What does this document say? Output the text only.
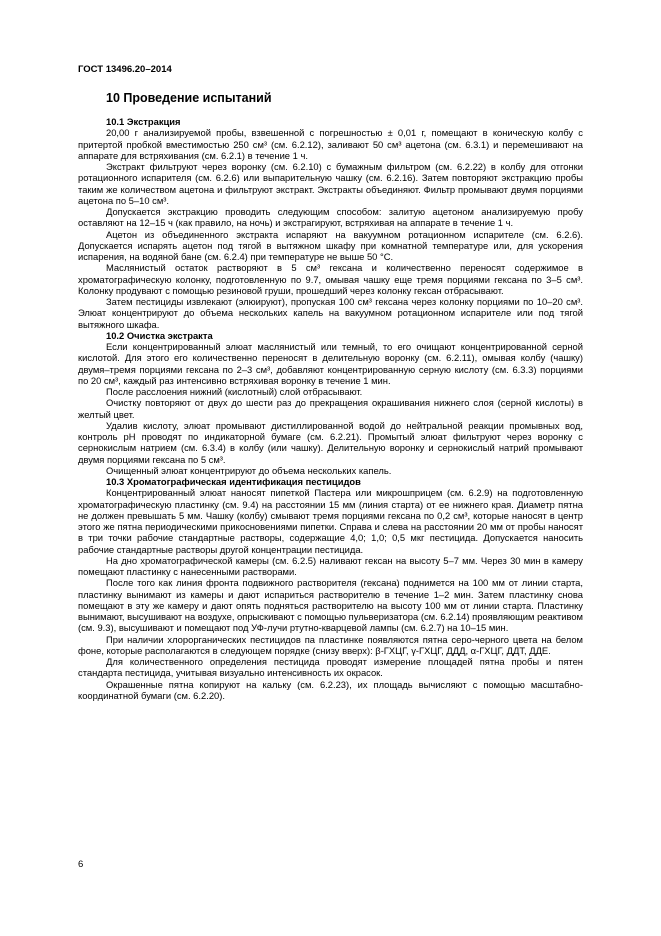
ГОСТ 13496.20–2014
10 Проведение испытаний
10.1 Экстракция

20,00 г анализируемой пробы, взвешенной с погрешностью ± 0,01 г, помещают в коническую колбу с притертой пробкой вместимостью 250 см³ (см. 6.2.12), заливают 50 см³ ацетона (см. 6.3.1) и перемешивают на аппарате для встряхивания (см. 6.2.1) в течение 1 ч.

Экстракт фильтруют через воронку (см. 6.2.10) с бумажным фильтром (см. 6.2.22) в колбу для отгонки ротационного испарителя (см. 6.2.6) или выпарительную чашку (см. 6.2.16). Затем повторяют экстракцию пробы таким же количеством ацетона и фильтруют экстракт. Экстракты объединяют. Фильтр промывают двумя порциями ацетона по 5–10 см³.

Допускается экстракцию проводить следующим способом: залитую ацетоном анализируемую пробу оставляют на 12–15 ч (как правило, на ночь) и экстрагируют, встряхивая на аппарате в течение 1 ч.

Ацетон из объединенного экстракта испаряют на вакуумном ротационном испарителе (см. 6.2.6). Допускается испарять ацетон под тягой в вытяжном шкафу при комнатной температуре или, для ускорения испарения, на водяной бане (см. 6.2.4) при температуре не выше 50 °С.

Маслянистый остаток растворяют в 5 см³ гексана и количественно переносят содержимое в хроматографическую колонку, подготовленную по 9.7, омывая чашку еще тремя порциями гексана по 3–5 см³. Колонку продувают с помощью резиновой груши, прошедший через колонку гексан отбрасывают.

Затем пестициды извлекают (элюируют), пропуская 100 см³ гексана через колонку порциями по 10–20 см³. Элюат концентрируют до объема нескольких капель на вакуумном ротационном испарителе или под тягой вытяжного шкафа.

10.2 Очистка экстракта

Если концентрированный элюат маслянистый или темный, то его очищают концентрированной серной кислотой. Для этого его количественно переносят в делительную воронку (см. 6.2.11), омывая колбу (чашку) двумя–тремя порциями гексана по 2–3 см³, добавляют концентрированную серную кислоту (см. 6.3.3) порциями по 20 см³, каждый раз интенсивно встряхивая воронку в течение 1 мин.

После расслоения нижний (кислотный) слой отбрасывают.

Очистку повторяют от двух до шести раз до прекращения окрашивания нижнего слоя (серной кислоты) в желтый цвет.

Удалив кислоту, элюат промывают дистиллированной водой до нейтральной реакции промывных вод, контроль рН проводят по индикаторной бумаге (см. 6.2.21). Промытый элюат фильтруют через воронку с сернокислым натрием (см. 6.3.4) в колбу (или чашку). Делительную воронку и сернокислый натрий промывают двумя порциями гексана по 5 см³.

Очищенный элюат концентрируют до объема нескольких капель.

10.3 Хроматографическая идентификация пестицидов

Концентрированный элюат наносят пипеткой Пастера или микрошприцем (см. 6.2.9) на подготовленную хроматографическую пластинку (см. 9.4) на расстоянии 15 мм (линия старта) от ее нижнего края. Диаметр пятна не должен превышать 5 мм. Чашку (колбу) смывают тремя порциями гексана по 0,2 см³, которые наносят в центр этого же пятна периодическими прикосновениями пипетки. Справа и слева на расстоянии 20 мм от пробы наносят в три точки рабочие стандартные растворы, содержащие 4,0; 1,0; 0,5 мкг пестицида. Допускается наносить рабочие стандартные растворы другой концентрации пестицида.

На дно хроматографической камеры (см. 6.2.5) наливают гексан на высоту 5–7 мм. Через 30 мин в камеру помещают пластинку с нанесенными растворами.

После того как линия фронта подвижного растворителя (гексана) поднимется на 100 мм от линии старта, пластинку вынимают из камеры и дают испариться растворителю в течение 1–2 мин. Затем пластинку снова помещают в эту же камеру и дают опять подняться растворителю на высоту 100 мм от линии старта. Пластинку вынимают, высушивают на воздухе, опрыскивают с помощью пульверизатора (см. 6.2.14) проявляющим реактивом (см. 9.3), высушивают и помещают под УФ-лучи ртутно-кварцевой лампы (см. 6.2.7) на 10–15 мин.

При наличии хлорорганических пестицидов па пластинке появляются пятна серо-черного цвета на белом фоне, которые располагаются в следующем порядке (снизу вверх): β-ГХЦГ, γ-ГХЦГ, ДДД, α-ГХЦГ, ДДТ, ДДЕ.

Для количественного определения пестицида проводят измерение площадей пятна пробы и пятен стандарта пестицида, учитывая визуально интенсивность их окрасок.

Окрашенные пятна копируют на кальку (см. 6.2.23), их площадь вычисляют с помощью масштабно-координатной бумаги (см. 6.2.20).

6
